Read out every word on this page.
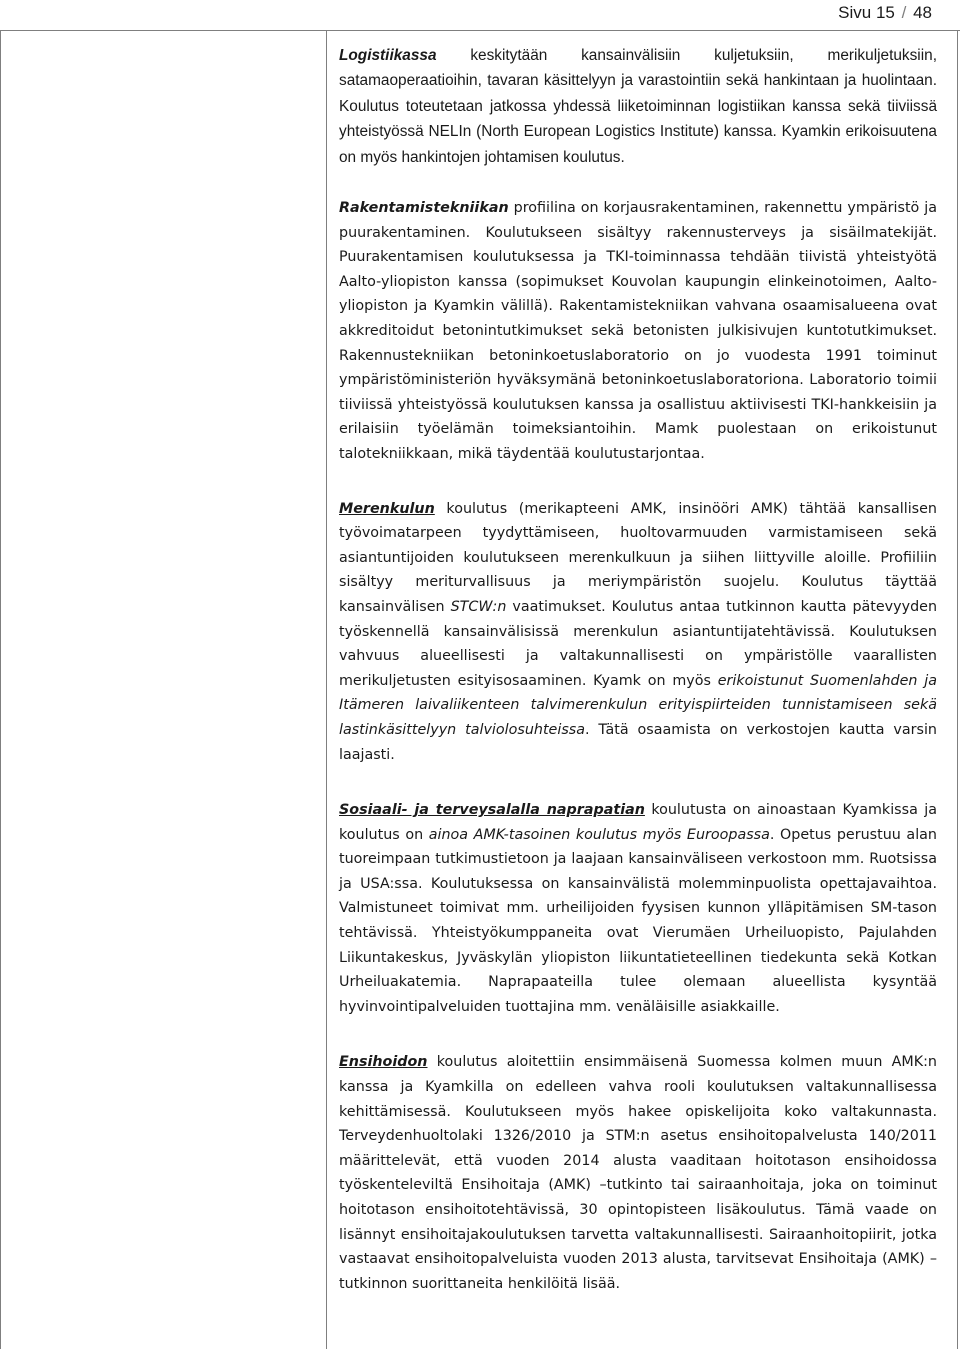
Sivu 15 / 48

Logistiikassa keskitytään kansainvälisiin kuljetuksiin, merikuljetuksiin, satamaoperaatioihin, tavaran käsittelyyn ja varastointiin sekä hankintaan ja huolintaan. Koulutus toteutetaan jatkossa yhdessä liiketoiminnan logistiikan kanssa sekä tiiviissä yhteistyössä NELIn (North European Logistics Institute) kanssa. Kyamkin erikoisuutena on myös hankintojen johtamisen koulutus.

Rakentamistekniikan profiilina on korjausrakentaminen, rakennettu ympäristö ja puurakentaminen. Koulutukseen sisältyy rakennusterveys ja sisäilmatekijät. Puurakentamisen koulutuksessa ja TKI-toiminnassa tehdään tiivistä yhteistyötä Aalto-yliopiston kanssa (sopimukset Kouvolan kaupungin elinkeinotoimen, Aalto-yliopiston ja Kyamkin välillä). Rakentamistekniikan vahvana osaamisalueena ovat akkreditoidut betonintutkimukset sekä betonisten julkisivujen kuntotutkimukset. Rakennustekniikan betoninkoetuslaboratorio on jo vuodesta 1991 toiminut ympäristöministeriön hyväksymänä betoninkoetuslaboratoriona. Laboratorio toimii tiiviissä yhteistyössä koulutuksen kanssa ja osallistuu aktiivisesti TKI-hankkeisiin ja erilaisiin työelämän toimeksiantoihin. Mamk puolestaan on erikoistunut talotekniikkaan, mikä täydentää koulutustarjontaa.

Merenkulun koulutus (merikapteeni AMK, insinööri AMK) tähtää kansallisen työvoimatarpeen tyydyttämiseen, huoltovarmuuden varmistamiseen sekä asiantuntijoiden koulutukseen merenkulkuun ja siihen liittyville aloille. Profiiliin sisältyy meriturvallisuus ja meriympäristön suojelu. Koulutus täyttää kansainvälisen STCW:n vaatimukset. Koulutus antaa tutkinnon kautta pätevyyden työskennellä kansainvälisissä merenkulun asiantuntijatehtävissä. Koulutuksen vahvuus alueellisesti ja valtakunnallisesti on ympäristölle vaarallisten merikuljetusten esityisosaaminen. Kyamk on myös erikoistunut Suomenlahden ja Itämeren laivaliikenteen talvimerenkulun erityispiirteiden tunnistamiseen sekä lastinkäsittelyyn talviolosuhteissa. Tätä osaamista on verkostojen kautta varsin laajasti.

Sosiaali- ja terveysalalla naprapatian koulutusta on ainoastaan Kyamkissa ja koulutus on ainoa AMK-tasoinen koulutus myös Euroopassa. Opetus perustuu alan tuoreimpaan tutkimustietoon ja laajaan kansainväliseen verkostoon mm. Ruotsissa ja USA:ssa. Koulutuksessa on kansainvälistä molemminpuolista opettajavaihtoa. Valmistuneet toimivat mm. urheilijoiden fyysisen kunnon ylläpitämisen SM-tason tehtävissä. Yhteistyökumppaneita ovat Vierumäen Urheiluopisto, Pajulahden Liikuntakeskus, Jyväskylän yliopiston liikuntatieteellinen tiedekunta sekä Kotkan Urheiluakatemia. Naprapaateilla tulee olemaan alueellista kysyntää hyvinvointipalveluiden tuottajina mm. venäläisille asiakkaille.

Ensihoidon koulutus aloitettiin ensimmäisenä Suomessa kolmen muun AMK:n kanssa ja Kyamkilla on edelleen vahva rooli koulutuksen valtakunnallisessa kehittämisessä. Koulutukseen myös hakee opiskelijoita koko valtakunnasta. Terveydenhuoltolaki 1326/2010 ja STM:n asetus ensihoitopalvelusta 140/2011 määrittelevät, että vuoden 2014 alusta vaaditaan hoitotason ensihoidossa työskenteleviltä Ensihoitaja (AMK) –tutkinto tai sairaanhoitaja, joka on toiminut hoitotason ensihoitotehtävissä, 30 opintopisteen lisäkoulutus. Tämä vaade on lisännyt ensihoitajakoulutuksen tarvetta valtakunnallisesti. Sairaanhoitopiirit, jotka vastaavat ensihoitopalveluista vuoden 2013 alusta, tarvitsevat Ensihoitaja (AMK) –tutkinnon suorittaneita henkilöitä lisää.
